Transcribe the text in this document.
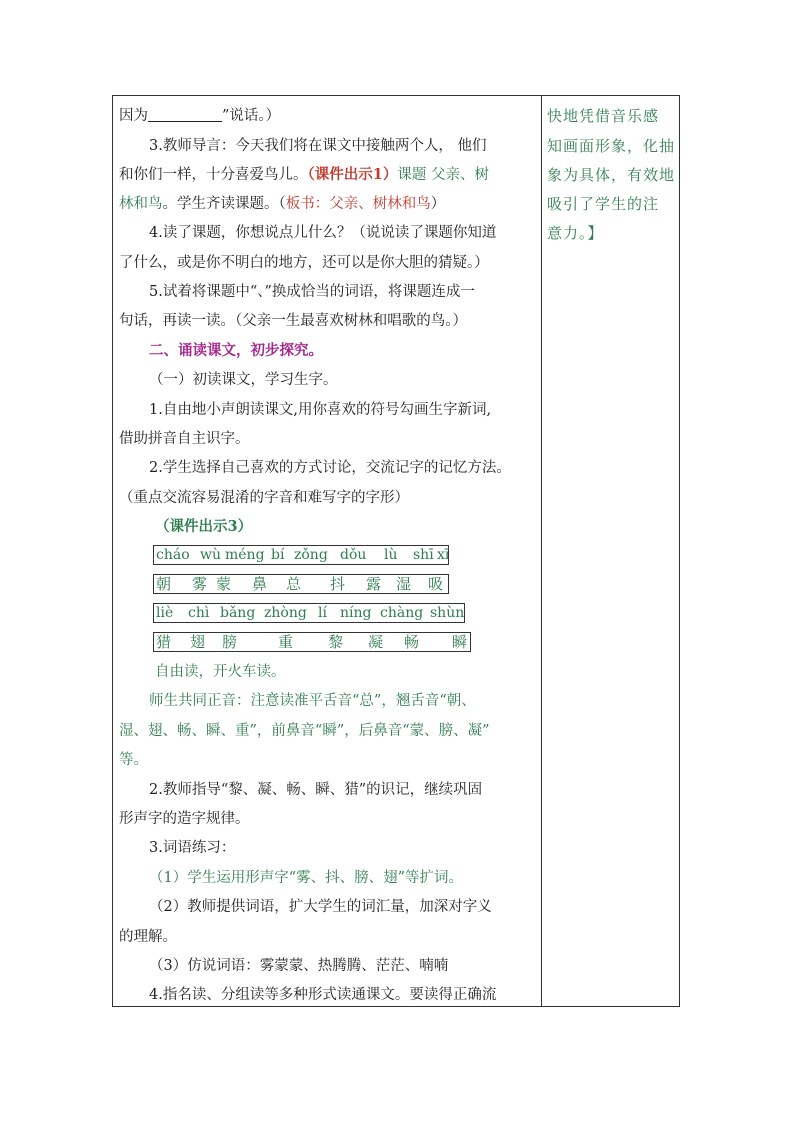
因为	”说话。）
3.教师导言：今天我们将在课文中接触两个人， 他们
和你们一样，十分喜爱鸟儿。（课件出示1）课题 父亲、树
林和鸟。学生齐读课题。（板书：父亲、树林和鸟）
4.读了课题，你想说点儿什么？（说说读了课题你知道
了什么，或是你不明白的地方，还可以是你大胆的猜疑。）
5.试着将课题中“、”换成恰当的词语，将课题连成一
句话，再读一读。（父亲一生最喜欢树林和唱歌的鸟。）
二、诵读课文，初步探究。
（一）初读课文，学习生字。
1.自由地小声朗读课文,用你喜欢的符号勾画生字新词,
借助拼音自主识字。
2.学生选择自己喜欢的方式讨论，交流记字的记忆方法。
（重点交流容易混淆的字音和难写字的字形）
（课件出示3）
cháo wù méng bí zǒng dǒu lù shī xī
朝 雾 蒙 鼻 总 抖 露 湿 吸
liè chì bǎng zhòng lí níng chàng shùn
猎 翅 膀	重 黎 凝 畅 瞬
自由读，开火车读。
师生共同正音：注意读准平舌音“总”，翘舌音“朝、
湿、翅、畅、瞬、重”，前鼻音“瞬”，后鼻音“蒙、膀、凝”
等。
2.教师指导“黎、凝、畅、瞬、猎”的识记，继续巩固
形声字的造字规律。
3.词语练习：
（1）学生运用形声字“雾、抖、膀、翅”等扩词。
（2）教师提供词语，扩大学生的词汇量，加深对字义
的理解。
（3）仿说词语：雾蒙蒙、热腾腾、茫茫、喃喃
4.指名读、分组读等多种形式读通课文。要读得正确流
快地凭借音乐感
知画面形象，化抽
象为具体，有效地
吸引了学生的注
意力。】
